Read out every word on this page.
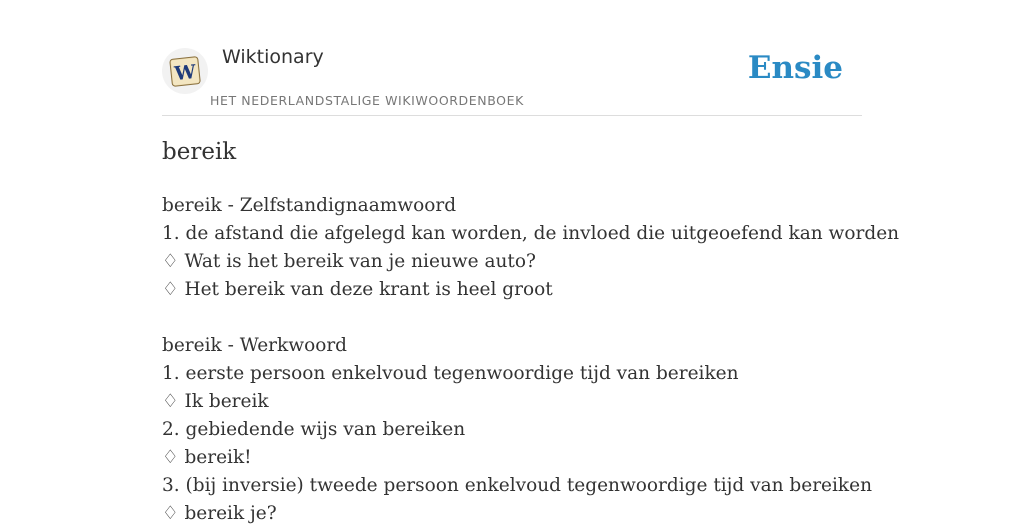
W
Wiktionary
HET NEDERLANDSTALIGE WIKIWOORDENBOEK
Ensie
bereik
bereik - Zelfstandignaamwoord
1. de afstand die afgelegd kan worden, de invloed die uitgeoefend kan worden
♢ Wat is het bereik van je nieuwe auto?
♢ Het bereik van deze krant is heel groot
bereik - Werkwoord
1. eerste persoon enkelvoud tegenwoordige tijd van bereiken
♢ Ik bereik
2. gebiedende wijs van bereiken
♢ bereik!
3. (bij inversie) tweede persoon enkelvoud tegenwoordige tijd van bereiken
♢ bereik je?
